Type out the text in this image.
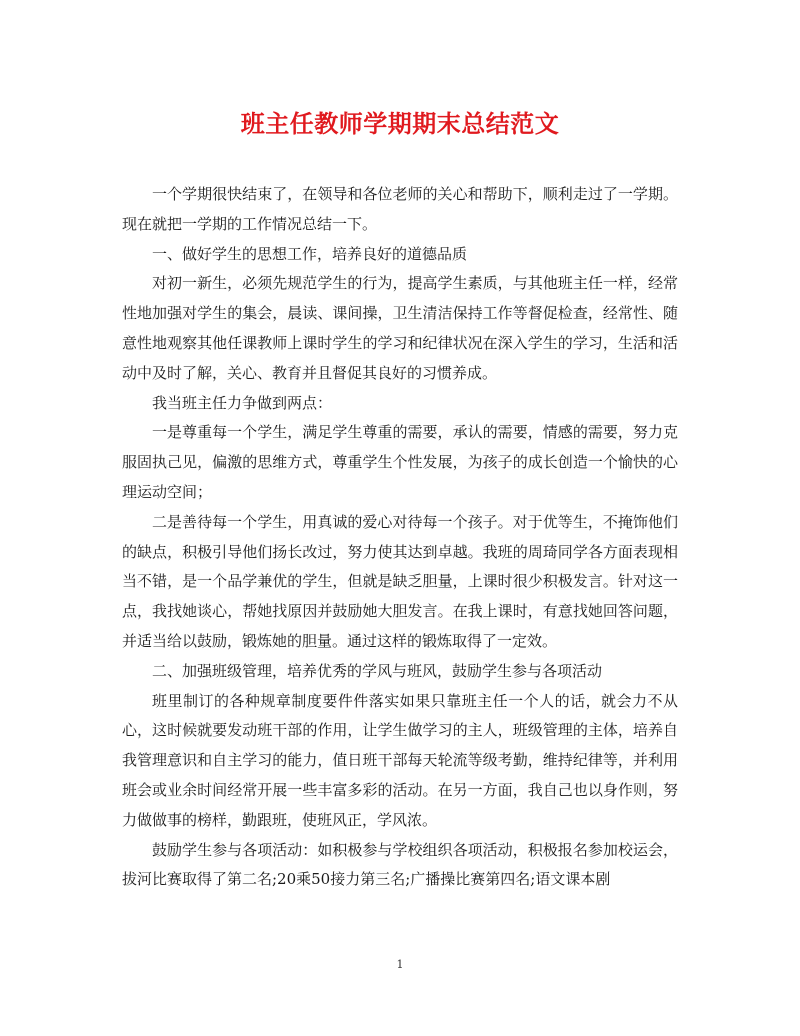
班主任教师学期期末总结范文

一个学期很快结束了，在领导和各位老师的关心和帮助下，顺利走过了一学期。现在就把一学期的工作情况总结一下。

一、做好学生的思想工作，培养良好的道德品质

对初一新生，必须先规范学生的行为，提高学生素质，与其他班主任一样，经常性地加强对学生的集会，晨读、课间操，卫生清洁保持工作等督促检查，经常性、随意性地观察其他任课教师上课时学生的学习和纪律状况在深入学生的学习，生活和活动中及时了解，关心、教育并且督促其良好的习惯养成。

我当班主任力争做到两点：

一是尊重每一个学生，满足学生尊重的需要，承认的需要，情感的需要，努力克服固执己见，偏激的思维方式，尊重学生个性发展，为孩子的成长创造一个愉快的心理运动空间；

二是善待每一个学生，用真诚的爱心对待每一个孩子。对于优等生，不掩饰他们的缺点，积极引导他们扬长改过，努力使其达到卓越。我班的周琦同学各方面表现相当不错，是一个品学兼优的学生，但就是缺乏胆量，上课时很少积极发言。针对这一点，我找她谈心，帮她找原因并鼓励她大胆发言。在我上课时，有意找她回答问题，并适当给以鼓励，锻炼她的胆量。通过这样的锻炼取得了一定效。

二、加强班级管理，培养优秀的学风与班风，鼓励学生参与各项活动

班里制订的各种规章制度要件件落实如果只靠班主任一个人的话，就会力不从心，这时候就要发动班干部的作用，让学生做学习的主人，班级管理的主体，培养自我管理意识和自主学习的能力，值日班干部每天轮流等级考勤，维持纪律等，并利用班会或业余时间经常开展一些丰富多彩的活动。在另一方面，我自己也以身作则，努力做做事的榜样，勤跟班，使班风正，学风浓。

鼓励学生参与各项活动：如积极参与学校组织各项活动，积极报名参加校运会，拔河比赛取得了第二名;20乘50接力第三名;广播操比赛第四名;语文课本剧

1
